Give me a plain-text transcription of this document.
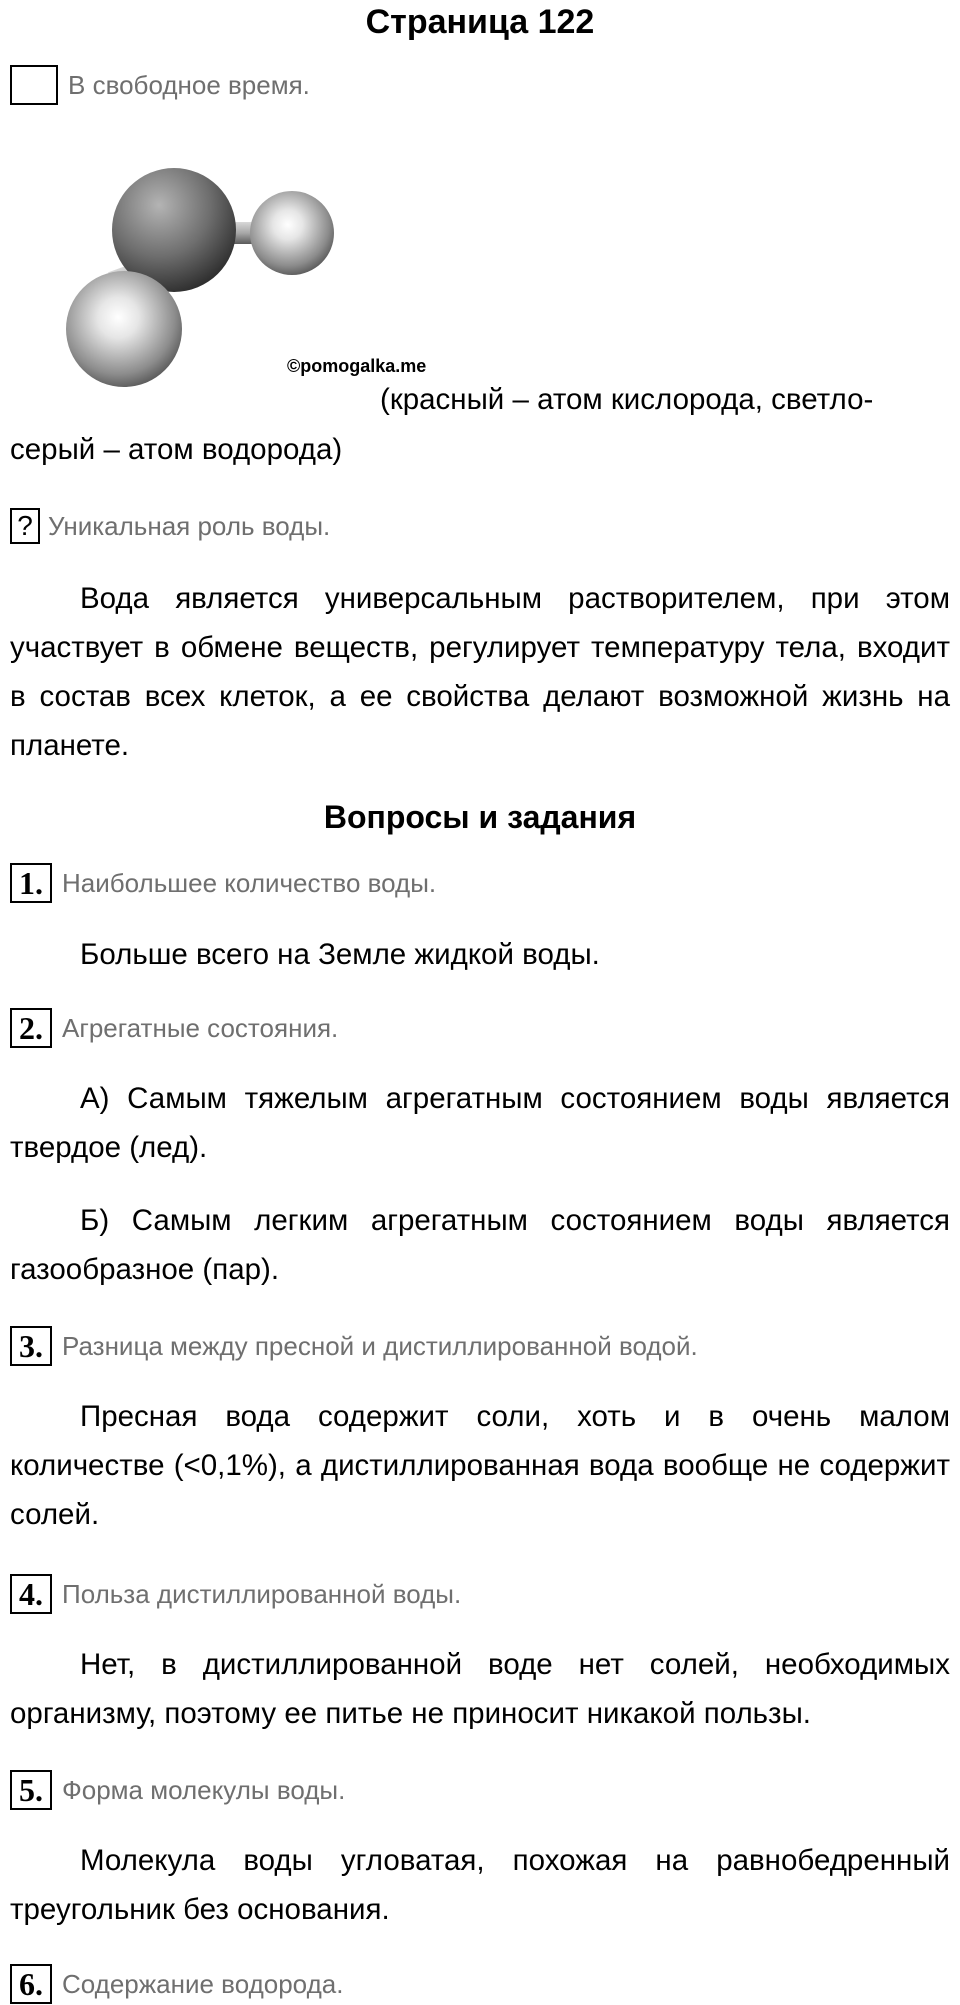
Страница 122
В свободное время.
©pomogalka.me
(красный – атом кислорода, светло-
серый – атом водорода)
? Уникальная роль воды.
Вода является универсальным растворителем, при этом участвует в обмене веществ, регулирует температуру тела, входит в состав всех клеток, а ее свойства делают возможной жизнь на планете.
Вопросы и задания
1. Наибольшее количество воды.
Больше всего на Земле жидкой воды.
2. Агрегатные состояния.
А) Самым тяжелым агрегатным состоянием воды является твердое (лед).
Б) Самым легким агрегатным состоянием воды является газообразное (пар).
3. Разница между пресной и дистиллированной водой.
Пресная вода содержит соли, хоть и в очень малом количестве (<0,1%), а дистиллированная вода вообще не содержит солей.
4. Польза дистиллированной воды.
Нет, в дистиллированной воде нет солей, необходимых организму, поэтому ее питье не приносит никакой пользы.
5. Форма молекулы воды.
Молекула воды угловатая, похожая на равнобедренный треугольник без основания.
6. Содержание водорода.
